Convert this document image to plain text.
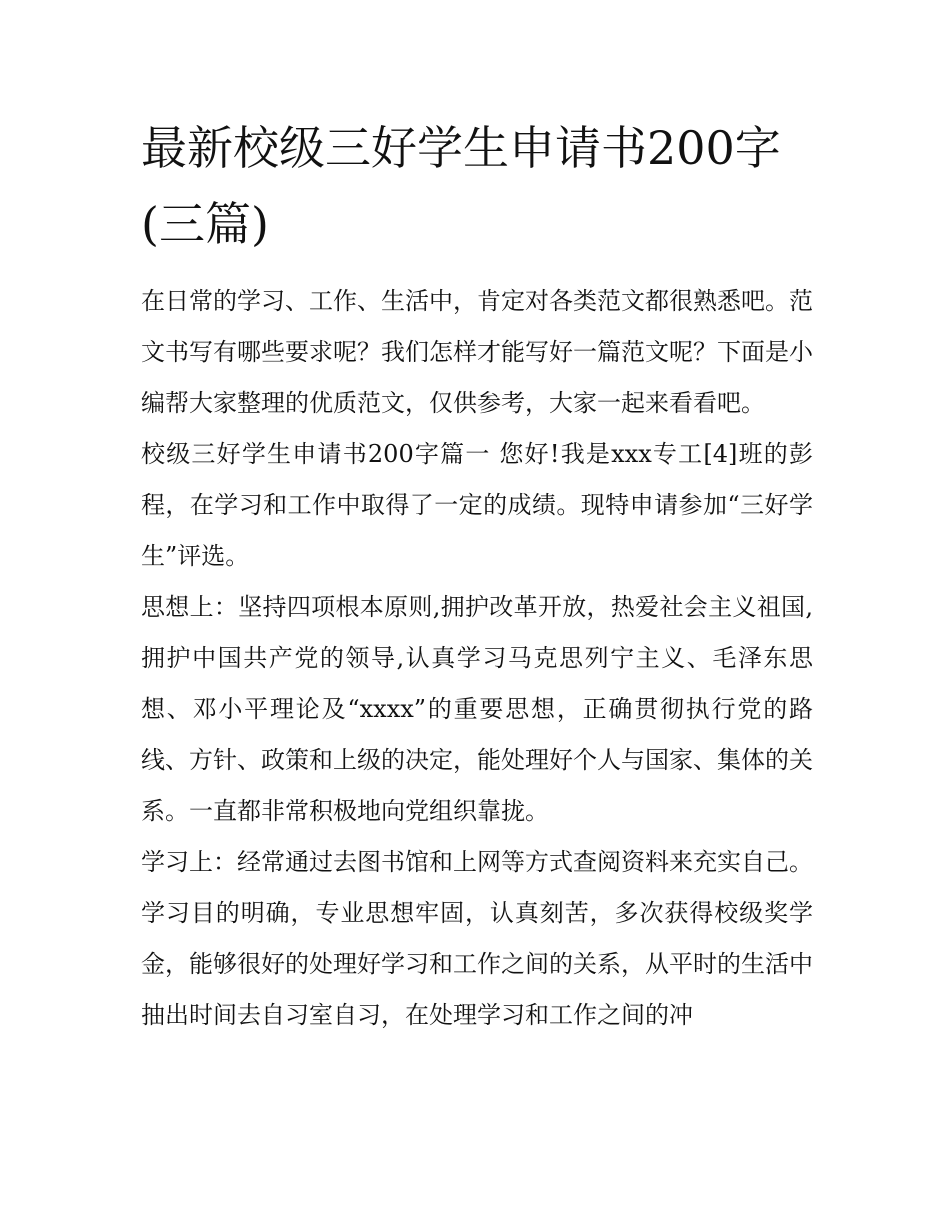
最新校级三好学生申请书200字(三篇)

在日常的学习、工作、生活中，肯定对各类范文都很熟悉吧。范文书写有哪些要求呢？我们怎样才能写好一篇范文呢？下面是小编帮大家整理的优质范文，仅供参考，大家一起来看看吧。

校级三好学生申请书200字篇一 您好!我是xxx专工[4]班的彭程，在学习和工作中取得了一定的成绩。现特申请参加“三好学生”评选。

思想上：坚持四项根本原则,拥护改革开放，热爱社会主义祖国,拥护中国共产党的领导,认真学习马克思列宁主义、毛泽东思想、邓小平理论及“xxxx”的重要思想，正确贯彻执行党的路线、方针、政策和上级的决定，能处理好个人与国家、集体的关系。一直都非常积极地向党组织靠拢。

学习上：经常通过去图书馆和上网等方式查阅资料来充实自己。学习目的明确，专业思想牢固，认真刻苦，多次获得校级奖学金，能够很好的处理好学习和工作之间的关系，从平时的生活中抽出时间去自习室自习，在处理学习和工作之间的冲
